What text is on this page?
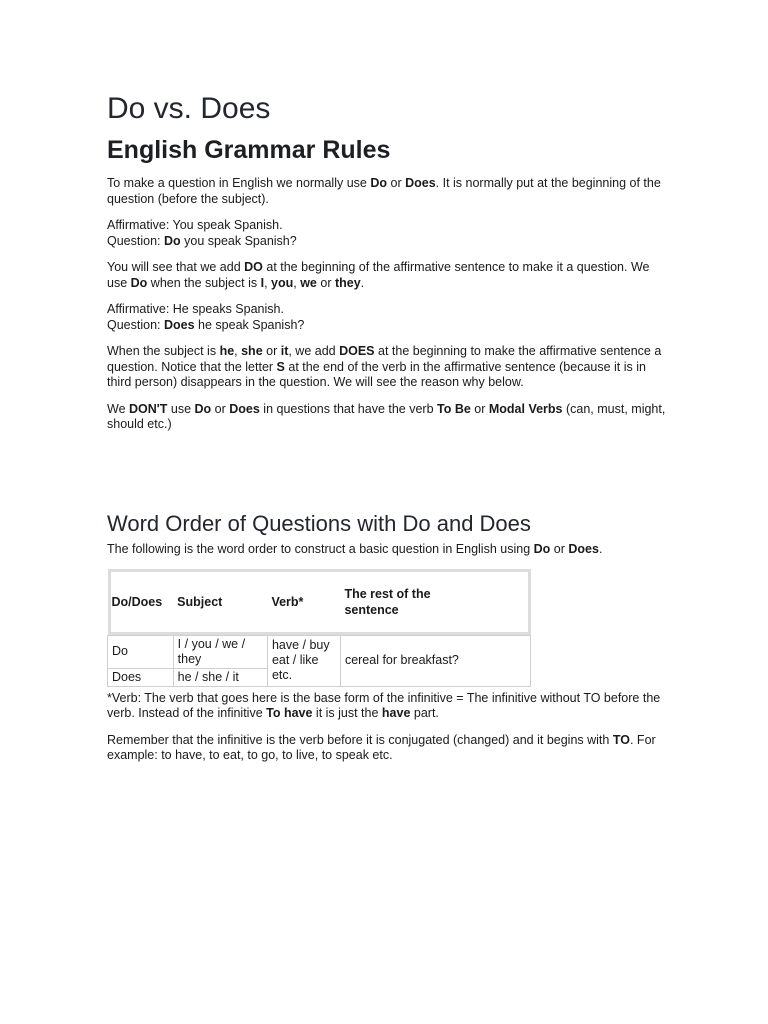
Do vs. Does
English Grammar Rules

To make a question in English we normally use Do or Does. It is normally put at the beginning of the question (before the subject).

Affirmative: You speak Spanish.
Question: Do you speak Spanish?

You will see that we add DO at the beginning of the affirmative sentence to make it a question. We use Do when the subject is I, you, we or they.

Affirmative: He speaks Spanish.
Question: Does he speak Spanish?

When the subject is he, she or it, we add DOES at the beginning to make the affirmative sentence a question. Notice that the letter S at the end of the verb in the affirmative sentence (because it is in third person) disappears in the question. We will see the reason why below.

We DON'T use Do or Does in questions that have the verb To Be or Modal Verbs (can, must, might, should etc.)

Word Order of Questions with Do and Does

The following is the word order to construct a basic question in English using Do or Does.

Do/Does	Subject	Verb*	The rest of the sentence
Do	I / you / we / they	have / buy eat / like etc.	cereal for breakfast?
Does	he / she / it		

*Verb: The verb that goes here is the base form of the infinitive = The infinitive without TO before the verb. Instead of the infinitive To have it is just the have part.

Remember that the infinitive is the verb before it is conjugated (changed) and it begins with TO. For example: to have, to eat, to go, to live, to speak etc.
